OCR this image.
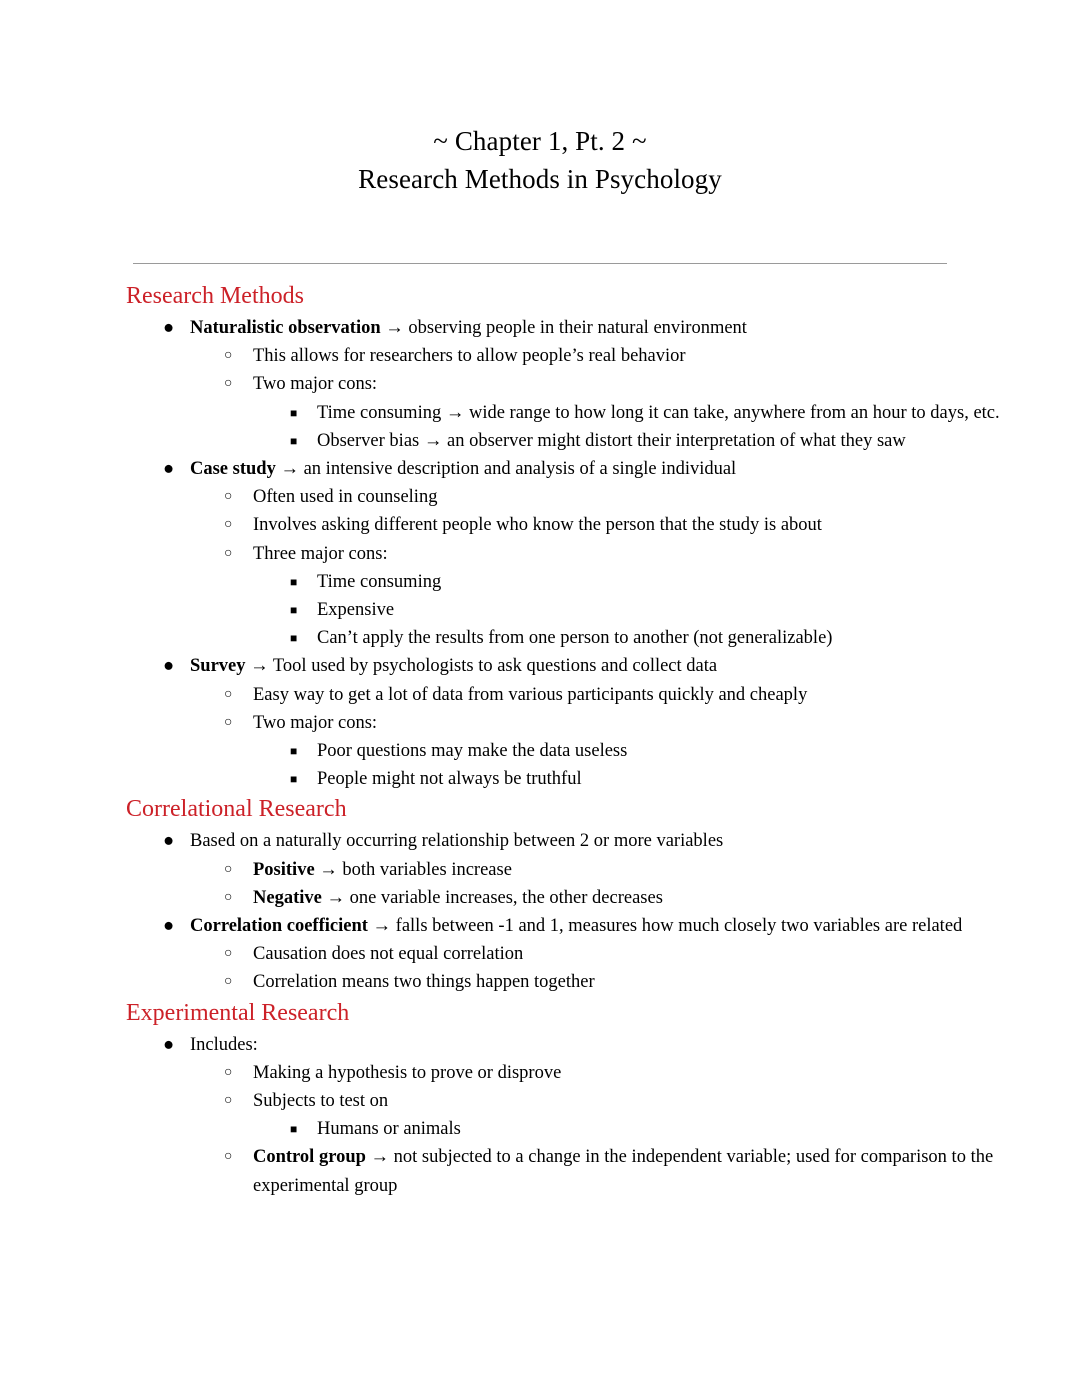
~ Chapter 1, Pt. 2 ~
Research Methods in Psychology
Research Methods
● Naturalistic observation → observing people in their natural environment
○ This allows for researchers to allow people’s real behavior
○ Two major cons:
■ Time consuming → wide range to how long it can take, anywhere from an hour to days, etc.
■ Observer bias → an observer might distort their interpretation of what they saw
● Case study → an intensive description and analysis of a single individual
○ Often used in counseling
○ Involves asking different people who know the person that the study is about
○ Three major cons:
■ Time consuming
■ Expensive
■ Can’t apply the results from one person to another (not generalizable)
● Survey → Tool used by psychologists to ask questions and collect data
○ Easy way to get a lot of data from various participants quickly and cheaply
○ Two major cons:
■ Poor questions may make the data useless
■ People might not always be truthful
Correlational Research
● Based on a naturally occurring relationship between 2 or more variables
○ Positive → both variables increase
○ Negative → one variable increases, the other decreases
● Correlation coefficient → falls between -1 and 1, measures how much closely two variables are related
○ Causation does not equal correlation
○ Correlation means two things happen together
Experimental Research
● Includes:
○ Making a hypothesis to prove or disprove
○ Subjects to test on
■ Humans or animals
○ Control group → not subjected to a change in the independent variable; used for comparison to the experimental group
